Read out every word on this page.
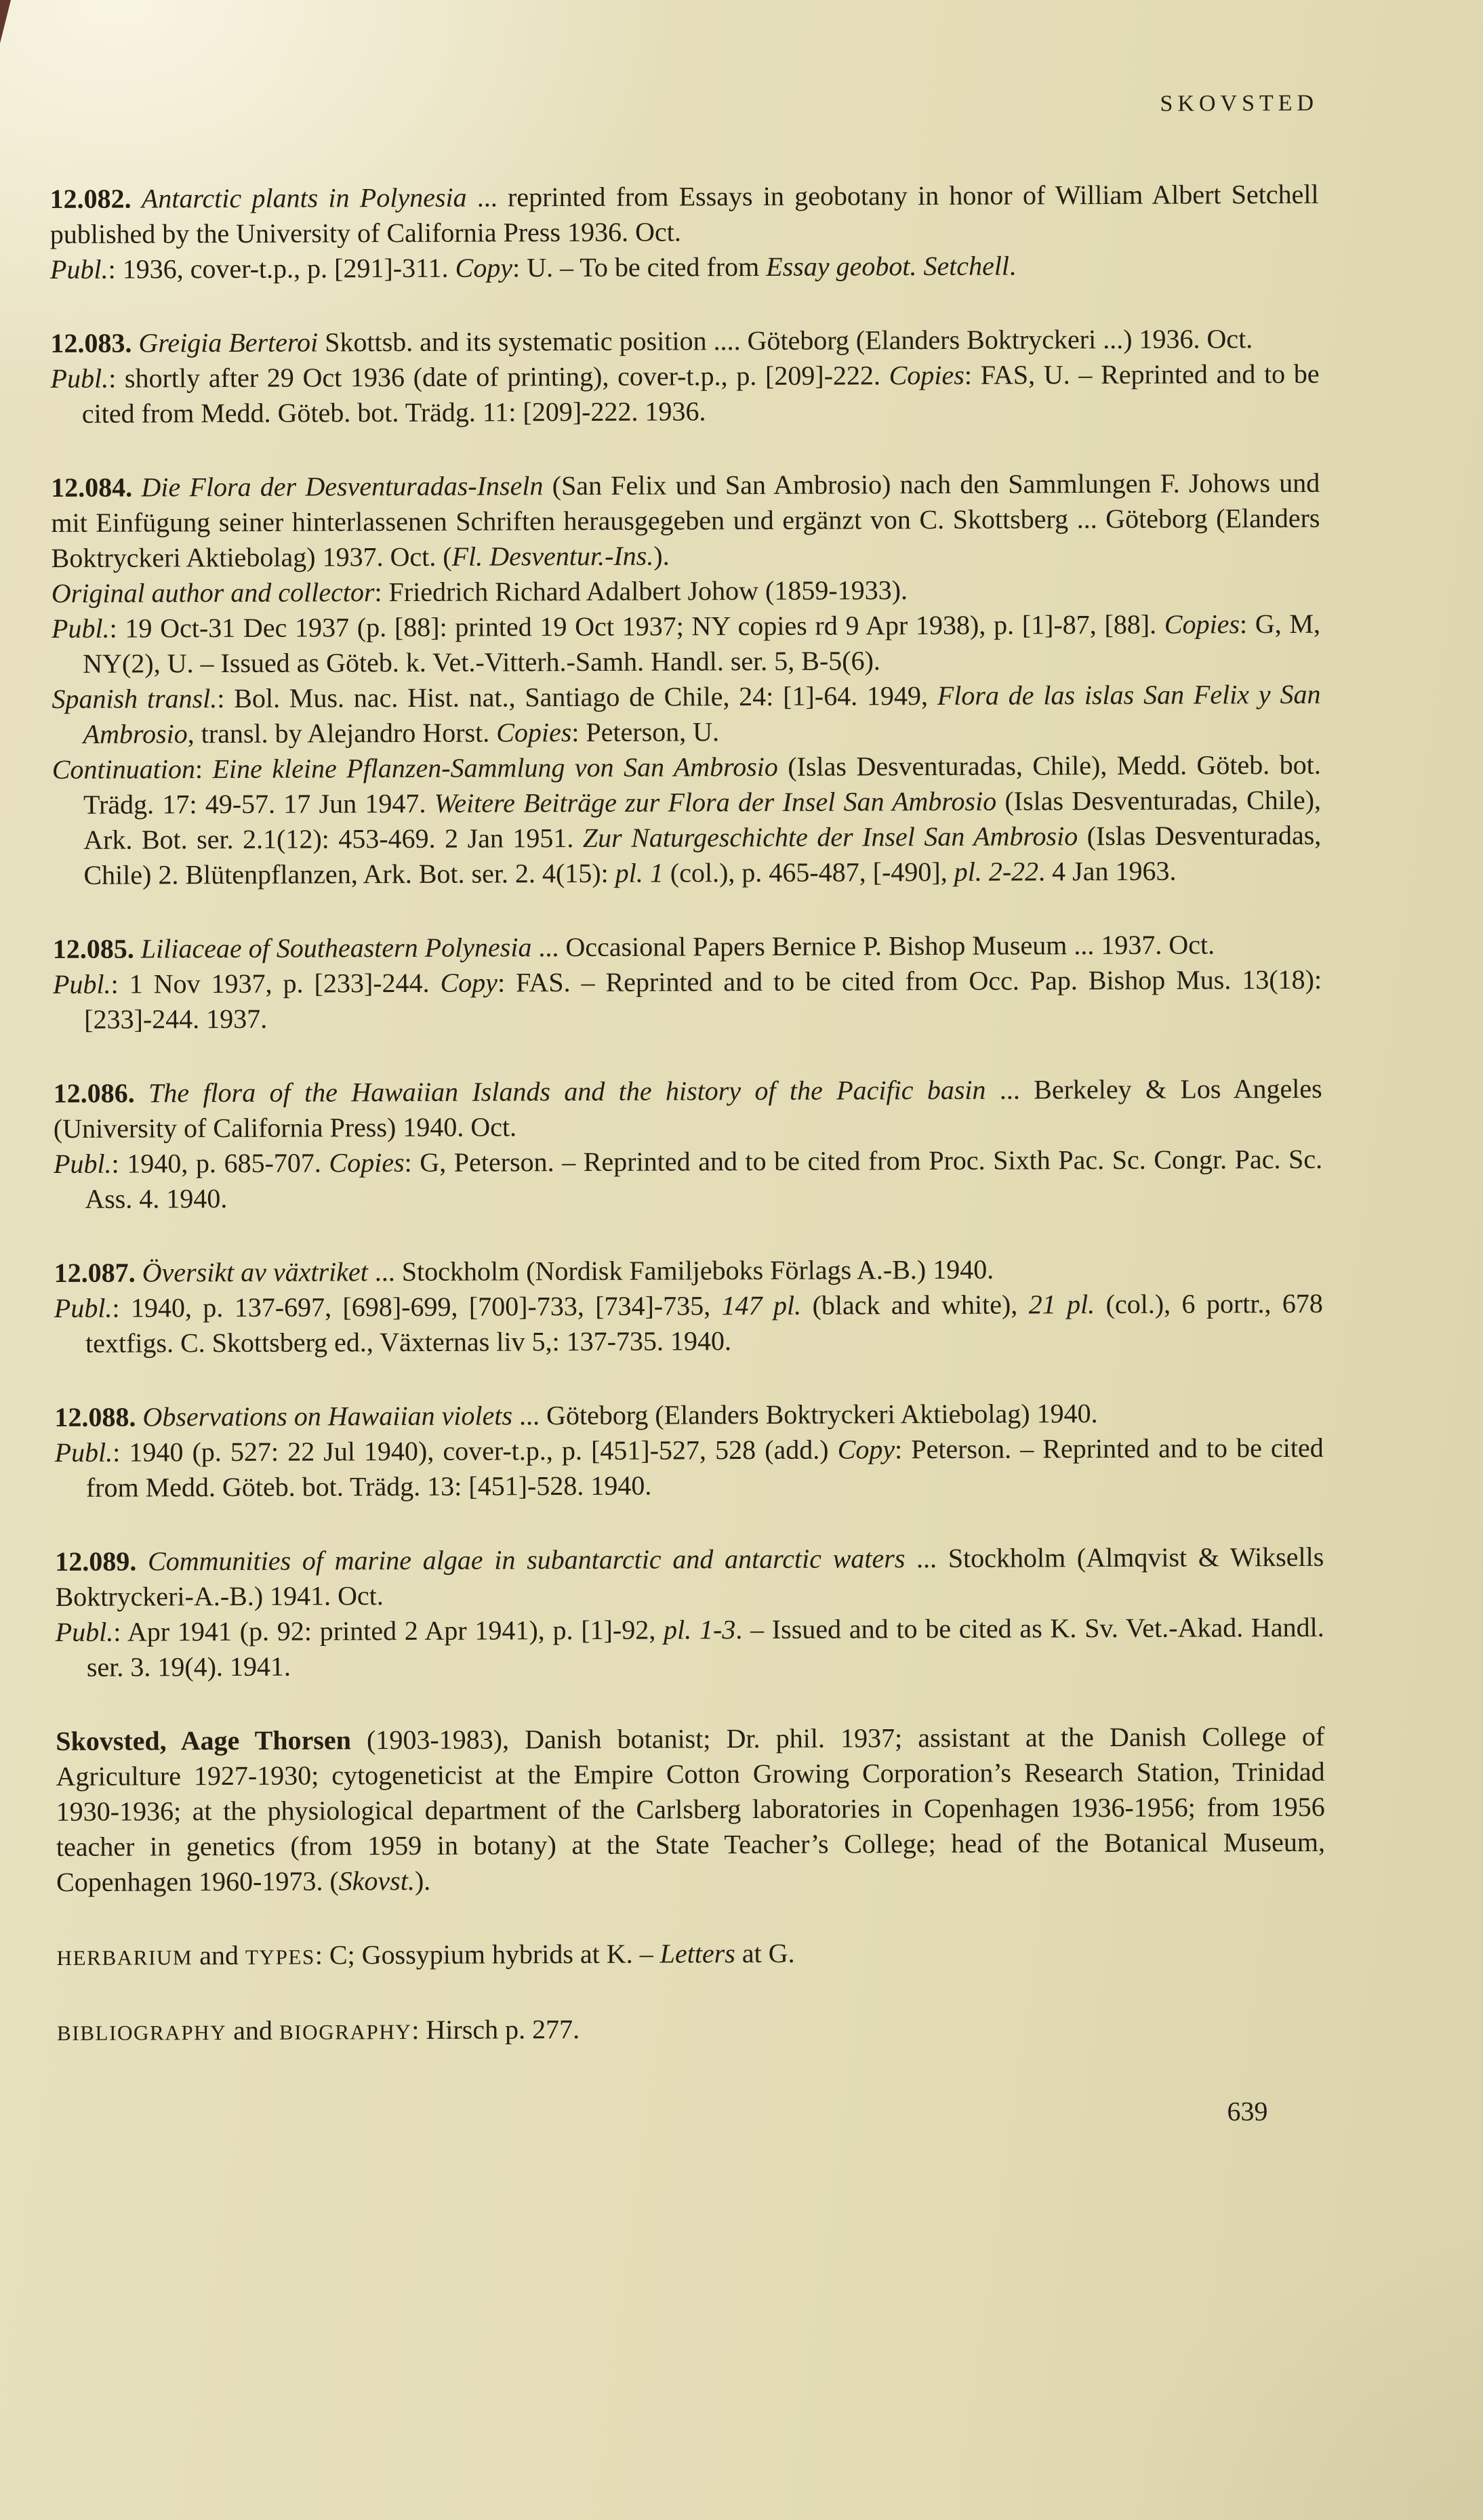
SKOVSTED

12.082. Antarctic plants in Polynesia ... reprinted from Essays in geobotany in honor of William Albert Setchell published by the University of California Press 1936. Oct.

Publ.: 1936, cover-t.p., p. [291]-311. Copy: U. – To be cited from Essay geobot. Setchell.

12.083. Greigia Berteroi Skottsb. and its systematic position .... Göteborg (Elanders Boktryckeri ...) 1936. Oct.

Publ.: shortly after 29 Oct 1936 (date of printing), cover-t.p., p. [209]-222. Copies: FAS, U. – Reprinted and to be cited from Medd. Göteb. bot. Trädg. 11: [209]-222. 1936.

12.084. Die Flora der Desventuradas-Inseln (San Felix und San Ambrosio) nach den Sammlungen F. Johows und mit Einfügung seiner hinterlassenen Schriften herausgegeben und ergänzt von C. Skottsberg ... Göteborg (Elanders Boktryckeri Aktiebolag) 1937. Oct. (Fl. Desventur.-Ins.).

Original author and collector: Friedrich Richard Adalbert Johow (1859-1933).

Publ.: 19 Oct-31 Dec 1937 (p. [88]: printed 19 Oct 1937; NY copies rd 9 Apr 1938), p. [1]-87, [88]. Copies: G, M, NY(2), U. – Issued as Göteb. k. Vet.-Vitterh.-Samh. Handl. ser. 5, B-5(6).

Spanish transl.: Bol. Mus. nac. Hist. nat., Santiago de Chile, 24: [1]-64. 1949, Flora de las islas San Felix y San Ambrosio, transl. by Alejandro Horst. Copies: Peterson, U.

Continuation: Eine kleine Pflanzen-Sammlung von San Ambrosio (Islas Desventuradas, Chile), Medd. Göteb. bot. Trädg. 17: 49-57. 17 Jun 1947. Weitere Beiträge zur Flora der Insel San Ambrosio (Islas Desventuradas, Chile), Ark. Bot. ser. 2.1(12): 453-469. 2 Jan 1951. Zur Naturgeschichte der Insel San Ambrosio (Islas Desventuradas, Chile) 2. Blütenpflanzen, Ark. Bot. ser. 2. 4(15): pl. 1 (col.), p. 465-487, [-490], pl. 2-22. 4 Jan 1963.

12.085. Liliaceae of Southeastern Polynesia ... Occasional Papers Bernice P. Bishop Museum ... 1937. Oct.

Publ.: 1 Nov 1937, p. [233]-244. Copy: FAS. – Reprinted and to be cited from Occ. Pap. Bishop Mus. 13(18): [233]-244. 1937.

12.086. The flora of the Hawaiian Islands and the history of the Pacific basin ... Berkeley & Los Angeles (University of California Press) 1940. Oct.

Publ.: 1940, p. 685-707. Copies: G, Peterson. – Reprinted and to be cited from Proc. Sixth Pac. Sc. Congr. Pac. Sc. Ass. 4. 1940.

12.087. Översikt av växtriket ... Stockholm (Nordisk Familjeboks Förlags A.-B.) 1940.

Publ.: 1940, p. 137-697, [698]-699, [700]-733, [734]-735, 147 pl. (black and white), 21 pl. (col.), 6 portr., 678 textfigs. C. Skottsberg ed., Växternas liv 5,: 137-735. 1940.

12.088. Observations on Hawaiian violets ... Göteborg (Elanders Boktryckeri Aktiebolag) 1940.

Publ.: 1940 (p. 527: 22 Jul 1940), cover-t.p., p. [451]-527, 528 (add.) Copy: Peterson. – Reprinted and to be cited from Medd. Göteb. bot. Trädg. 13: [451]-528. 1940.

12.089. Communities of marine algae in subantarctic and antarctic waters ... Stockholm (Almqvist & Wiksells Boktryckeri-A.-B.) 1941. Oct.

Publ.: Apr 1941 (p. 92: printed 2 Apr 1941), p. [1]-92, pl. 1-3. – Issued and to be cited as K. Sv. Vet.-Akad. Handl. ser. 3. 19(4). 1941.

Skovsted, Aage Thorsen (1903-1983), Danish botanist; Dr. phil. 1937; assistant at the Danish College of Agriculture 1927-1930; cytogeneticist at the Empire Cotton Growing Corporation’s Research Station, Trinidad 1930-1936; at the physiological department of the Carlsberg laboratories in Copenhagen 1936-1956; from 1956 teacher in genetics (from 1959 in botany) at the State Teacher’s College; head of the Botanical Museum, Copenhagen 1960-1973. (Skovst.).

HERBARIUM and TYPES: C; Gossypium hybrids at K. – Letters at G.

BIBLIOGRAPHY and BIOGRAPHY: Hirsch p. 277.

639
